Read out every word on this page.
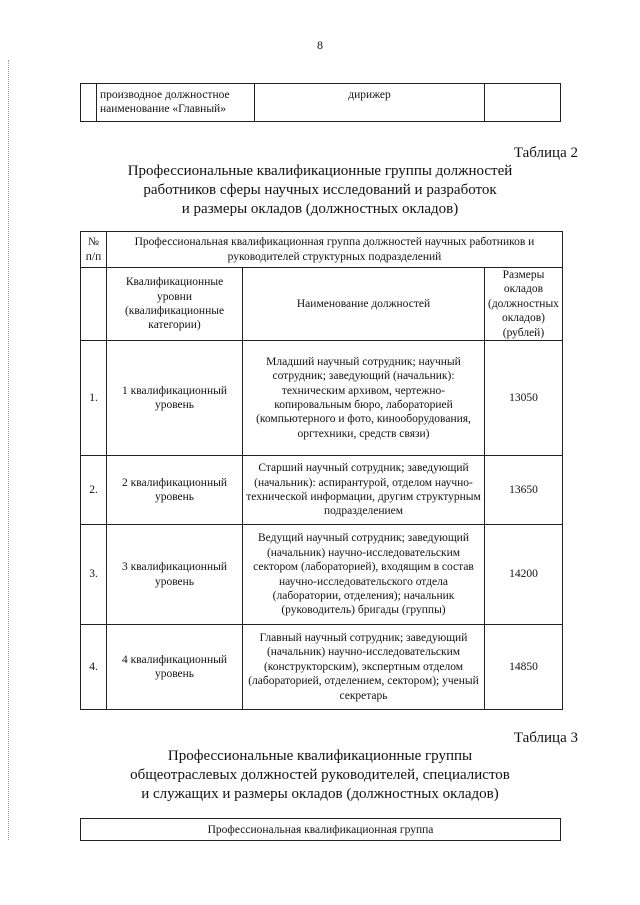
8
	производное должностное наименование «Главный»	дирижер	
Таблица 2
Профессиональные квалификационные группы должностей
работников сферы научных исследований и разработок
и размеры окладов (должностных окладов)
№ п/п	Профессиональная квалификационная группа должностей научных работников и руководителей структурных подразделений		
	Квалификационные уровни (квалификационные категории)	Наименование должностей	Размеры окладов (должностных окладов) (рублей)
1.	1 квалификационный уровень	Младший научный сотрудник; научный сотрудник; заведующий (начальник): техническим архивом, чертежно-копировальным бюро, лабораторией (компьютерного и фото, кинооборудования, оргтехники, средств связи)	13050
2.	2 квалификационный уровень	Старший научный сотрудник; заведующий (начальник): аспирантурой, отделом научно-технической информации, другим структурным подразделением	13650
3.	3 квалификационный уровень	Ведущий научный сотрудник; заведующий (начальник) научно-исследовательским сектором (лабораторией), входящим в состав научно-исследовательского отдела (лаборатории, отделения); начальник (руководитель) бригады (группы)	14200
4.	4 квалификационный уровень	Главный научный сотрудник; заведующий (начальник) научно-исследовательским (конструкторским), экспертным отделом (лабораторией, отделением, сектором); ученый секретарь	14850
Таблица 3
Профессиональные квалификационные группы
общеотраслевых должностей руководителей, специалистов
и служащих и размеры окладов (должностных окладов)
Профессиональная квалификационная группа
